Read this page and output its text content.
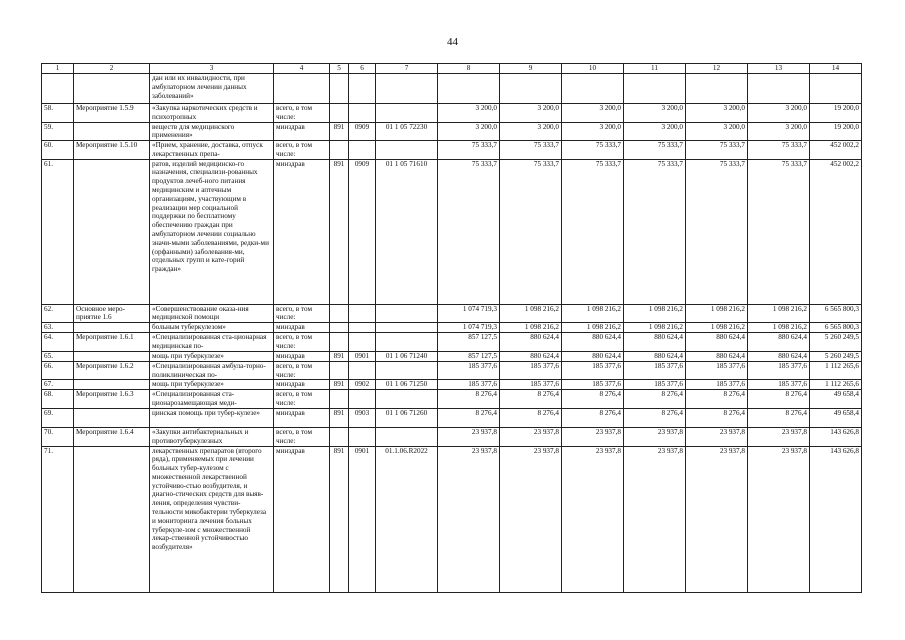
44
1	2	3	4	5	6	7	8	9	10	11	12	13	14
		дан или их инвалидности, при амбулаторном лечении данных заболеваний»											
58.	Мероприятие 1.5.9	«Закупка наркотических средств и психотропных	всего, в том числе:				3 200,0	3 200,0	3 200,0	3 200,0	3 200,0	3 200,0	19 200,0
59.		веществ для медицинского применения»	минздрав	891	0909	01 1 05 72230	3 200,0	3 200,0	3 200,0	3 200,0	3 200,0	3 200,0	19 200,0
60.	Мероприятие 1.5.10	«Прием, хранение, доставка, отпуск лекарственных препа-	всего, в том числе:				75 333,7	75 333,7	75 333,7	75 333,7	75 333,7	75 333,7	452 002,2
61.		ратов, изделий медицинско-го назначения, специализи-рованных продуктов лечеб-ного питания медицинским и аптечным организациям, участвующим в реализации мер социальной поддержки по бесплатному обеспечению граждан при амбулаторном лечении социально значи-мыми заболеваниями, редки-ми (орфанными) заболевания-ми, отдельных групп и кате-горий граждан»	минздрав	891	0909	01 1 05 71610	75 333,7	75 333,7	75 333,7	75 333,7	75 333,7	75 333,7	452 002,2
62.	Основное меро-приятие 1.6	«Совершенствование оказа-ния медицинской помощи	всего, в том числе:				1 074 719,3	1 098 216,2	1 098 216,2	1 098 216,2	1 098 216,2	1 098 216,2	6 565 800,3
63.		больным туберкулезом»	минздрав				1 074 719,3	1 098 216,2	1 098 216,2	1 098 216,2	1 098 216,2	1 098 216,2	6 565 800,3
64.	Мероприятие 1.6.1	«Специализированная ста-ционарная медицинская по-	всего, в том числе:				857 127,5	880 624,4	880 624,4	880 624,4	880 624,4	880 624,4	5 260 249,5
65.		мощь при туберкулезе»	минздрав	891	0901	01 1 06 71240	857 127,5	880 624,4	880 624,4	880 624,4	880 624,4	880 624,4	5 260 249,5
66.	Мероприятие 1.6.2	«Специализированная амбула-торно-поликлиническая по-	всего, в том числе:				185 377,6	185 377,6	185 377,6	185 377,6	185 377,6	185 377,6	1 112 265,6
67.		мощь при туберкулезе»	минздрав	891	0902	01 1 06 71250	185 377,6	185 377,6	185 377,6	185 377,6	185 377,6	185 377,6	1 112 265,6
68.	Мероприятие 1.6.3	«Специализированная ста-ционарозамещающая меди-	всего, в том числе:				8 276,4	8 276,4	8 276,4	8 276,4	8 276,4	8 276,4	49 658,4
69.		цинская помощь при тубер-кулезе»	минздрав	891	0903	01 1 06 71260	8 276,4	8 276,4	8 276,4	8 276,4	8 276,4	8 276,4	49 658,4
70.	Мероприятие 1.6.4	«Закупки антибактериальных и противотуберкулезных	всего, в том числе:				23 937,8	23 937,8	23 937,8	23 937,8	23 937,8	23 937,8	143 626,8
71.		лекарственных препаратов (второго ряда), применяемых при лечении больных тубер-кулезом с множественной лекарственной устойчиво-стью возбудителя, и диагно-стических средств для выяв-ления, определения чувстви-тельности микобактерии туберкулеза и мониторинга лечения больных туберкуле-зом с множественной лекар-ственной устойчивостью возбудителя»	минздрав	891	0901	01.1.06.R2022	23 937,8	23 937,8	23 937,8	23 937,8	23 937,8	23 937,8	143 626,8
